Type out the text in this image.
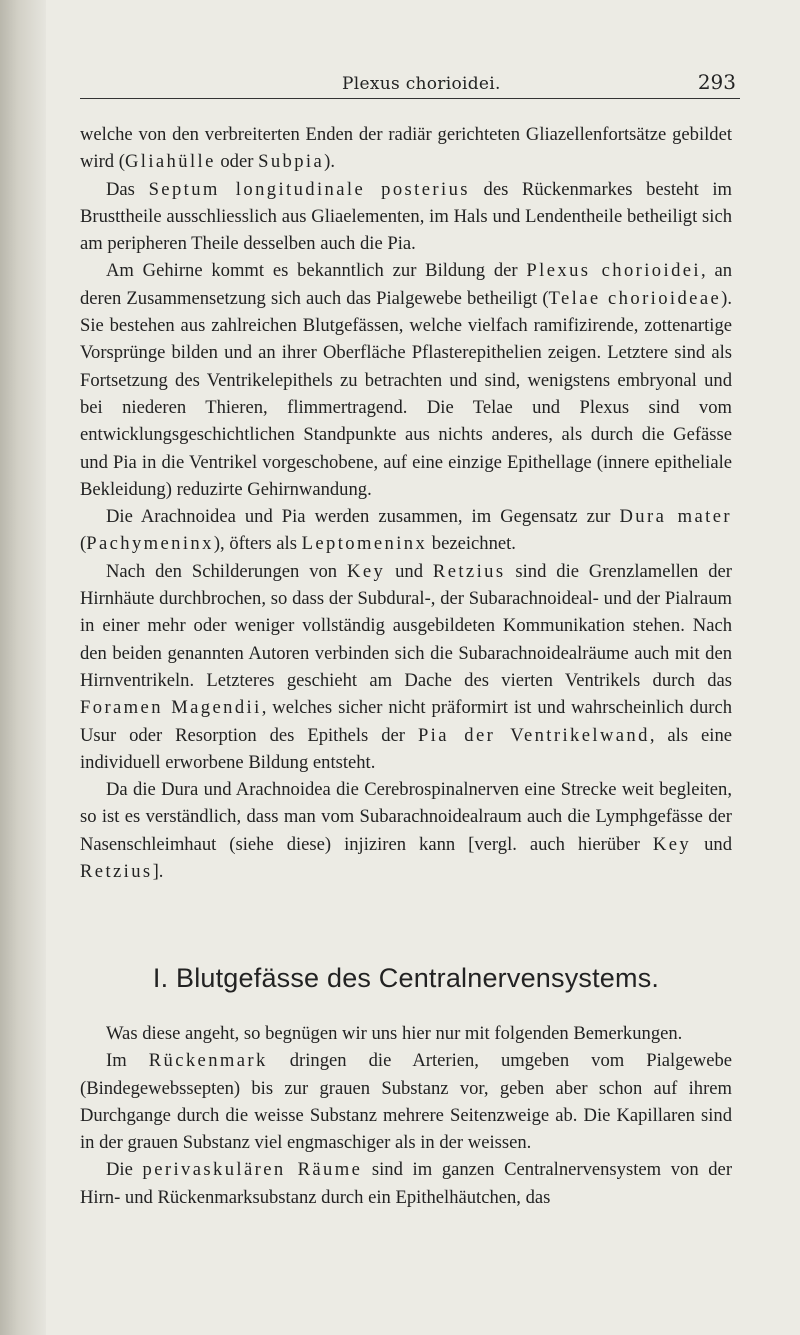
Plexus chorioidei.	293

welche von den verbreiterten Enden der radiär gerichteten Gliazellenfortsätze gebildet wird (Gliahülle oder Subpia).

Das Septum longitudinale posterius des Rückenmarkes besteht im Brusttheile ausschliesslich aus Gliaelementen, im Hals und Lendentheile betheiligt sich am peripheren Theile desselben auch die Pia.

Am Gehirne kommt es bekanntlich zur Bildung der Plexus chorioidei, an deren Zusammensetzung sich auch das Pialgewebe betheiligt (Telae chorioideae). Sie bestehen aus zahlreichen Blutgefässen, welche vielfach ramifizirende, zottenartige Vorsprünge bilden und an ihrer Oberfläche Pflasterepithelien zeigen. Letztere sind als Fortsetzung des Ventrikelepithels zu betrachten und sind, wenigstens embryonal und bei niederen Thieren, flimmertragend. Die Telae und Plexus sind vom entwicklungsgeschichtlichen Standpunkte aus nichts anderes, als durch die Gefässe und Pia in die Ventrikel vorgeschobene, auf eine einzige Epithellage (innere epitheliale Bekleidung) reduzirte Gehirnwandung.

Die Arachnoidea und Pia werden zusammen, im Gegensatz zur Dura mater (Pachymeninx), öfters als Leptomeninx bezeichnet.

Nach den Schilderungen von Key und Retzius sind die Grenzlamellen der Hirnhäute durchbrochen, so dass der Subdural-, der Subarachnoideal- und der Pialraum in einer mehr oder weniger vollständig ausgebildeten Kommunikation stehen. Nach den beiden genannten Autoren verbinden sich die Subarachnoidealräume auch mit den Hirnventrikeln. Letzteres geschieht am Dache des vierten Ventrikels durch das Foramen Magendii, welches sicher nicht präformirt ist und wahrscheinlich durch Usur oder Resorption des Epithels der Pia der Ventrikelwand, als eine individuell erworbene Bildung entsteht.

Da die Dura und Arachnoidea die Cerebrospinalnerven eine Strecke weit begleiten, so ist es verständlich, dass man vom Subarachnoidealraum auch die Lymphgefässe der Nasenschleimhaut (siehe diese) injiziren kann [vergl. auch hierüber Key und Retzius].

I. Blutgefässe des Centralnervensystems.

Was diese angeht, so begnügen wir uns hier nur mit folgenden Bemerkungen.

Im Rückenmark dringen die Arterien, umgeben vom Pialgewebe (Bindegewebssepten) bis zur grauen Substanz vor, geben aber schon auf ihrem Durchgange durch die weisse Substanz mehrere Seitenzweige ab. Die Kapillaren sind in der grauen Substanz viel engmaschiger als in der weissen.

Die perivaskulären Räume sind im ganzen Centralnervensystem von der Hirn- und Rückenmarksubstanz durch ein Epithelhäutchen, das
